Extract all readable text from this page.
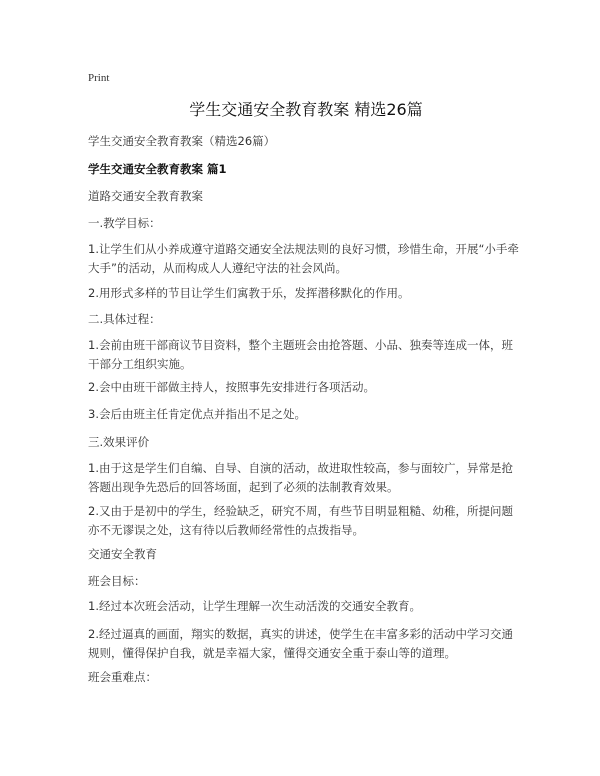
Print
学生交通安全教育教案 精选26篇
学生交通安全教育教案（精选26篇）
学生交通安全教育教案 篇1

道路交通安全教育教案

一.教学目标：

1.让学生们从小养成遵守道路交通安全法规法则的良好习惯，珍惜生命，开展“小手牵大手”的活动，从而构成人人遵纪守法的社会风尚。

2.用形式多样的节目让学生们寓教于乐，发挥潜移默化的作用。

二.具体过程：

1.会前由班干部商议节目资料，整个主题班会由抢答题、小品、独奏等连成一体，班干部分工组织实施。

2.会中由班干部做主持人，按照事先安排进行各项活动。

3.会后由班主任肯定优点并指出不足之处。

三.效果评价

1.由于这是学生们自编、自导、自演的活动，故进取性较高，参与面较广，异常是抢答题出现争先恐后的回答场面，起到了必须的法制教育效果。

2.又由于是初中的学生，经验缺乏，研究不周，有些节目明显粗糙、幼稚，所提问题亦不无谬误之处，这有待以后教师经常性的点拨指导。

交通安全教育

班会目标：

1.经过本次班会活动，让学生理解一次生动活泼的交通安全教育。

2.经过逼真的画面，翔实的数据，真实的讲述，使学生在丰富多彩的活动中学习交通规则，懂得保护自我，就是幸福大家，懂得交通安全重于泰山等的道理。

班会重难点：
